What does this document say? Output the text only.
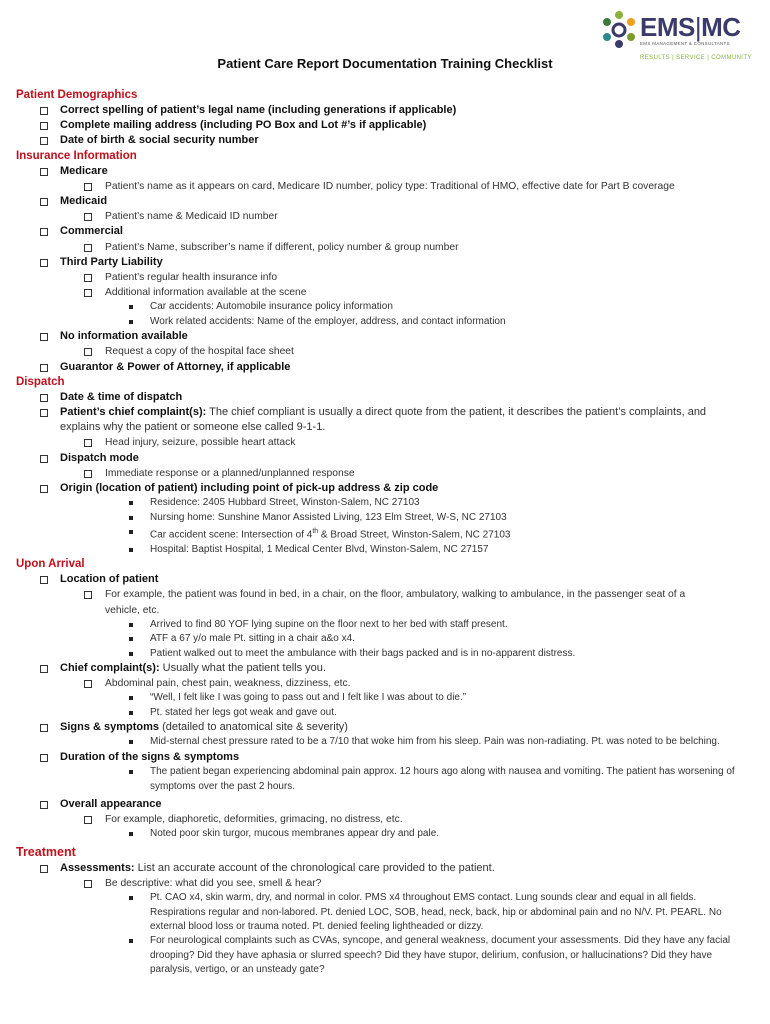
EMS|MC
EMS MANAGEMENT & CONSULTANTS
RESULTS | SERVICE | COMMUNITY
Patient Care Report Documentation Training Checklist
Patient Demographics
Correct spelling of patient’s legal name (including generations if applicable)
Complete mailing address (including PO Box and Lot #’s if applicable)
Date of birth & social security number
Insurance Information
Medicare
Patient’s name as it appears on card, Medicare ID number, policy type: Traditional of HMO, effective date for Part B coverage
Medicaid
Patient’s name & Medicaid ID number
Commercial
Patient’s Name, subscriber’s name if different, policy number & group number
Third Party Liability
Patient’s regular health insurance info
Additional information available at the scene
Car accidents: Automobile insurance policy information
Work related accidents: Name of the employer, address, and contact information
No information available
Request a copy of the hospital face sheet
Guarantor & Power of Attorney, if applicable
Dispatch
Date & time of dispatch
Patient’s chief complaint(s): The chief compliant is usually a direct quote from the patient, it describes the patient’s complaints, and
explains why the patient or someone else called 9-1-1.
Head injury, seizure, possible heart attack
Dispatch mode
Immediate response or a planned/unplanned response
Origin (location of patient) including point of pick-up address & zip code
Residence: 2405 Hubbard Street, Winston-Salem, NC 27103
Nursing home: Sunshine Manor Assisted Living, 123 Elm Street, W-S, NC 27103
Car accident scene: Intersection of 4th & Broad Street, Winston-Salem, NC 27103
Hospital: Baptist Hospital, 1 Medical Center Blvd, Winston-Salem, NC 27157
Upon Arrival
Location of patient
For example, the patient was found in bed, in a chair, on the floor, ambulatory, walking to ambulance, in the passenger seat of a
vehicle, etc.
Arrived to find 80 YOF lying supine on the floor next to her bed with staff present.
ATF a 67 y/o male Pt. sitting in a chair a&o x4.
Patient walked out to meet the ambulance with their bags packed and is in no-apparent distress.
Chief complaint(s): Usually what the patient tells you.
Abdominal pain, chest pain, weakness, dizziness, etc.
“Well, I felt like I was going to pass out and I felt like I was about to die.”
Pt. stated her legs got weak and gave out.
Signs & symptoms (detailed to anatomical site & severity)
Mid-sternal chest pressure rated to be a 7/10 that woke him from his sleep. Pain was non-radiating. Pt. was noted to be belching.
Duration of the signs & symptoms
The patient began experiencing abdominal pain approx. 12 hours ago along with nausea and vomiting. The patient has worsening of
symptoms over the past 2 hours.
Overall appearance
For example, diaphoretic, deformities, grimacing, no distress, etc.
Noted poor skin turgor, mucous membranes appear dry and pale.
Treatment
Assessments: List an accurate account of the chronological care provided to the patient.
Be descriptive: what did you see, smell & hear?
Pt. CAO x4, skin warm, dry, and normal in color. PMS x4 throughout EMS contact. Lung sounds clear and equal in all fields.
Respirations regular and non-labored. Pt. denied LOC, SOB, head, neck, back, hip or abdominal pain and no N/V. Pt. PEARL. No
external blood loss or trauma noted. Pt. denied feeling lightheaded or dizzy.
For neurological complaints such as CVAs, syncope, and general weakness, document your assessments. Did they have any facial
drooping? Did they have aphasia or slurred speech? Did they have stupor, delirium, confusion, or hallucinations? Did they have
paralysis, vertigo, or an unsteady gate?
